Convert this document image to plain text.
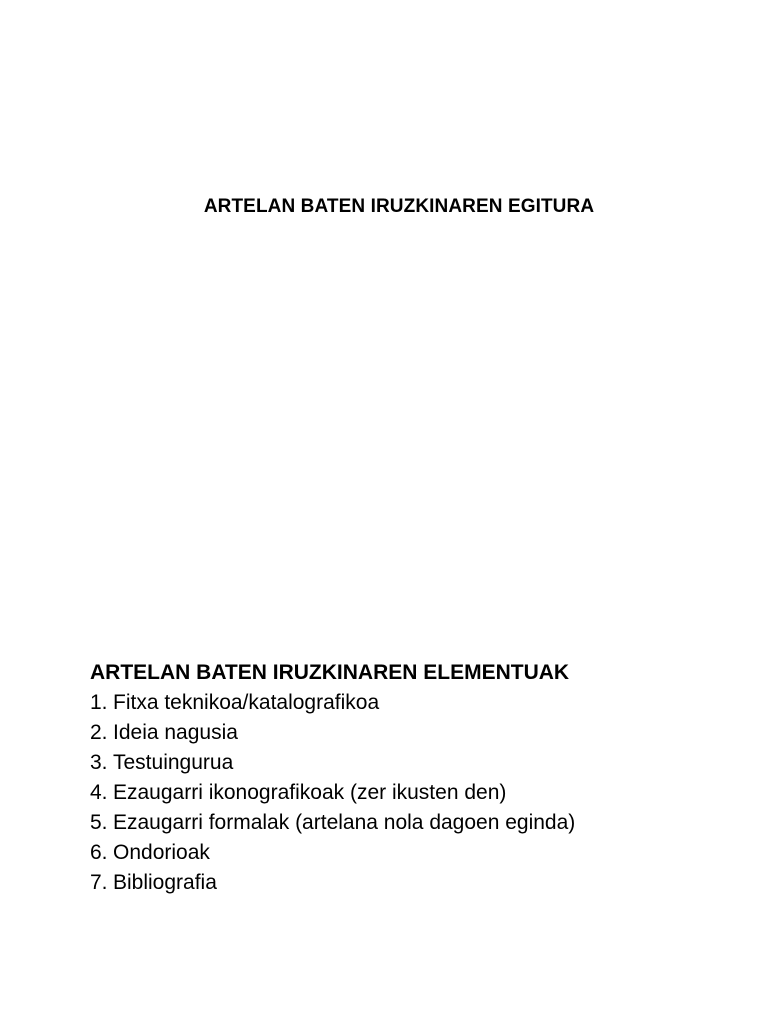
ARTELAN BATEN IRUZKINAREN EGITURA
ARTELAN BATEN IRUZKINAREN ELEMENTUAK
1. Fitxa teknikoa/katalografikoa
2. Ideia nagusia
3. Testuingurua
4. Ezaugarri ikonografikoak (zer ikusten den)
5. Ezaugarri formalak (artelana nola dagoen eginda)
6. Ondorioak
7. Bibliografia
